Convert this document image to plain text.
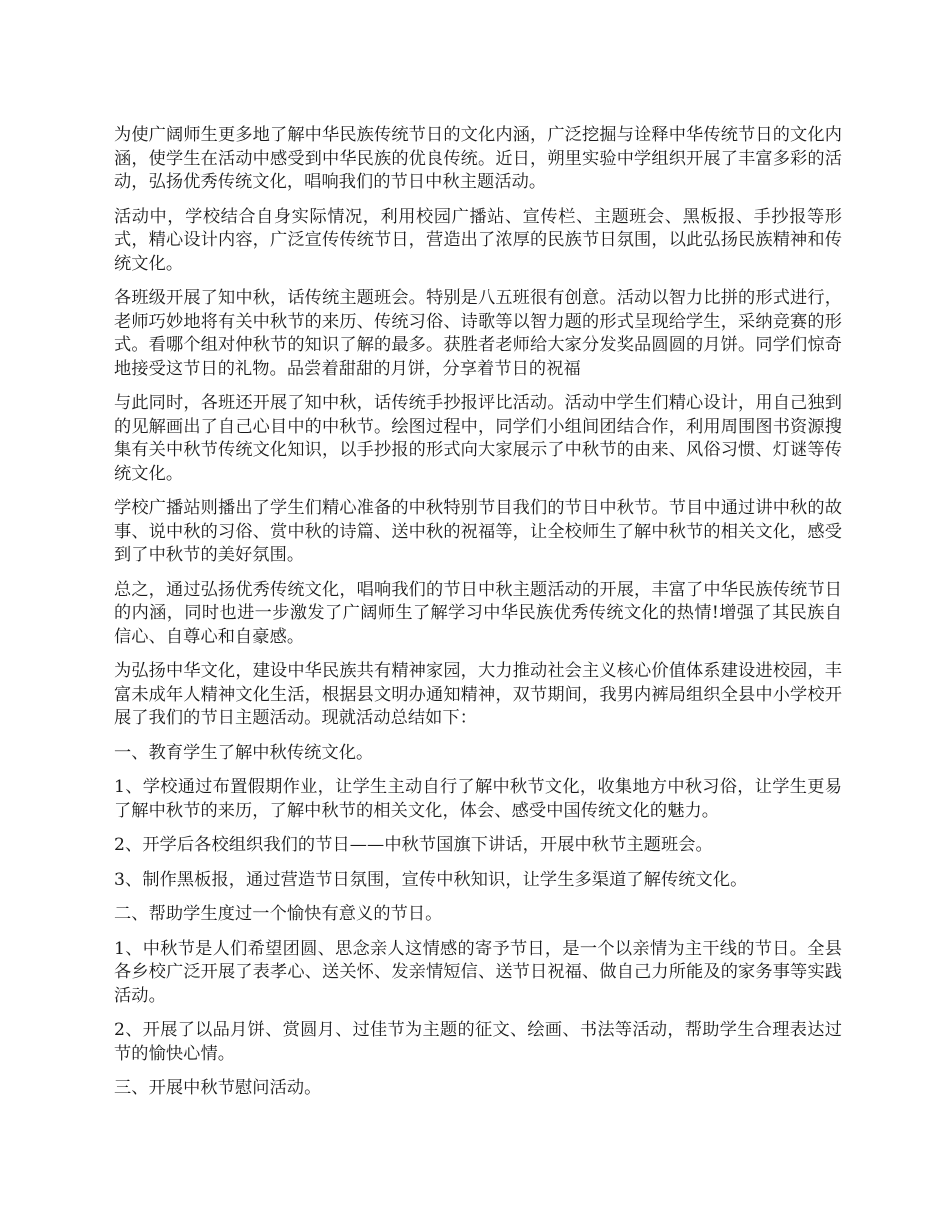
为使广阔师生更多地了解中华民族传统节日的文化内涵，广泛挖掘与诠释中华传统节日的文化内涵，使学生在活动中感受到中华民族的优良传统。近日，朔里实验中学组织开展了丰富多彩的活动，弘扬优秀传统文化，唱响我们的节日中秋主题活动。

活动中，学校结合自身实际情况，利用校园广播站、宣传栏、主题班会、黑板报、手抄报等形式，精心设计内容，广泛宣传传统节日，营造出了浓厚的民族节日氛围，以此弘扬民族精神和传统文化。

各班级开展了知中秋，话传统主题班会。特别是八五班很有创意。活动以智力比拼的形式进行，老师巧妙地将有关中秋节的来历、传统习俗、诗歌等以智力题的形式呈现给学生，采纳竞赛的形式。看哪个组对仲秋节的知识了解的最多。获胜者老师给大家分发奖品圆圆的月饼。同学们惊奇地接受这节日的礼物。品尝着甜甜的月饼，分享着节日的祝福

与此同时，各班还开展了知中秋，话传统手抄报评比活动。活动中学生们精心设计，用自己独到的见解画出了自己心目中的中秋节。绘图过程中，同学们小组间团结合作，利用周围图书资源搜集有关中秋节传统文化知识，以手抄报的形式向大家展示了中秋节的由来、风俗习惯、灯谜等传统文化。

学校广播站则播出了学生们精心准备的中秋特别节目我们的节日中秋节。节目中通过讲中秋的故事、说中秋的习俗、赏中秋的诗篇、送中秋的祝福等，让全校师生了解中秋节的相关文化，感受到了中秋节的美好氛围。

总之，通过弘扬优秀传统文化，唱响我们的节日中秋主题活动的开展，丰富了中华民族传统节日的内涵，同时也进一步激发了广阔师生了解学习中华民族优秀传统文化的热情!增强了其民族自信心、自尊心和自豪感。

为弘扬中华文化，建设中华民族共有精神家园，大力推动社会主义核心价值体系建设进校园，丰富未成年人精神文化生活，根据县文明办通知精神，双节期间，我男内裤局组织全县中小学校开展了我们的节日主题活动。现就活动总结如下：

一、教育学生了解中秋传统文化。

1、学校通过布置假期作业，让学生主动自行了解中秋节文化，收集地方中秋习俗，让学生更易了解中秋节的来历，了解中秋节的相关文化，体会、感受中国传统文化的魅力。

2、开学后各校组织我们的节日——中秋节国旗下讲话，开展中秋节主题班会。

3、制作黑板报，通过营造节日氛围，宣传中秋知识，让学生多渠道了解传统文化。

二、帮助学生度过一个愉快有意义的节日。

1、中秋节是人们希望团圆、思念亲人这情感的寄予节日，是一个以亲情为主干线的节日。全县各乡校广泛开展了表孝心、送关怀、发亲情短信、送节日祝福、做自己力所能及的家务事等实践活动。

2、开展了以品月饼、赏圆月、过佳节为主题的征文、绘画、书法等活动，帮助学生合理表达过节的愉快心情。

三、开展中秋节慰问活动。
